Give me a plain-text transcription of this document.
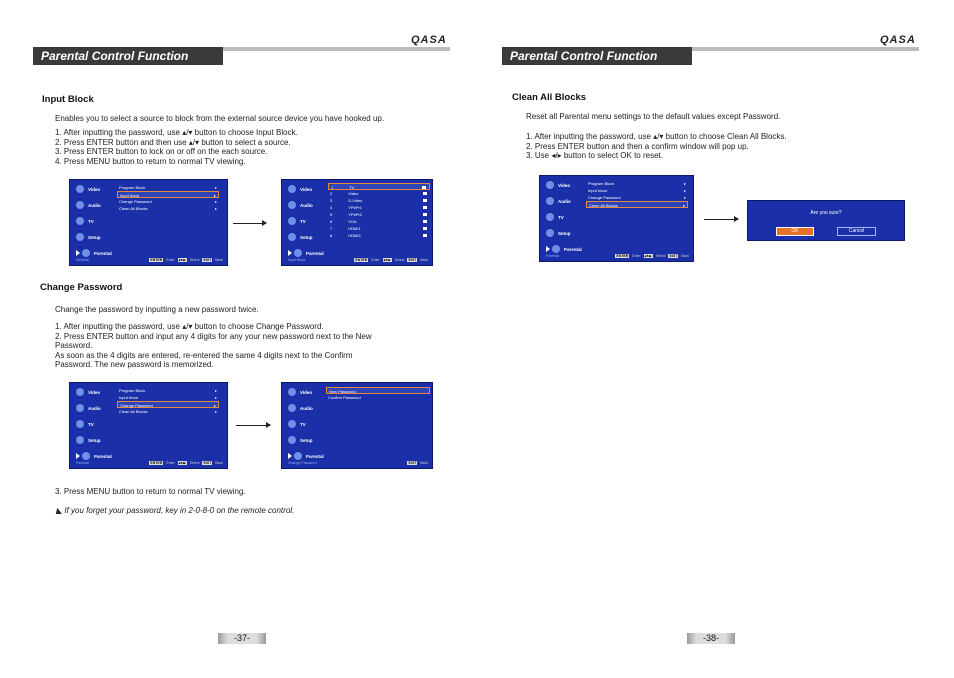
QASA
Parental Control Function
Input Block
Enables you to select a source to block from the external source device you have hooked up.
1. After inputting the password, use ▴/▾ button to choose Input Block.
2. Press ENTER button and then use ▴/▾ button to select a source.
3. Press ENTER button to lock on or off on the each source.
4. Press MENU button to return to normal TV viewing.
Video
Audio
TV
Setup
Parental
Program Block	▸
Input block	▸
Change Password	▸
Clean All Blocks	▸
Parental	ENTER Enter ▴▾◂▸ Select EXIT Back
Video
Audio
TV
Setup
Parental
1	TV
2	Video
3	S-Video
4	YPbPr1
5	YPbPr2
6	VGA
7	HDMI1
8	HDMI2
Input Block	ENTER Enter ▴▾◂▸ Select EXIT Back
Change Password
Change the password by inputting a new password twice.
1. After inputting the password, use ▴/▾ button to choose Change Password.
2. Press ENTER button and input any 4 digits for any your new password next to the New
Password.
As soon as the 4 digits are entered, re-entered the same 4 digits next to the Confirm
Password. The new password is memorized.
Video
Audio
TV
Setup
Parental
Program Block	▸
Input block	▸
Change Password	▸
Clean All Blocks	▸
Parental	ENTER Enter ▴▾◂▸ Select EXIT Back
Video
Audio
TV
Setup
Parental
New Password
Confirm Password
Change Password	EXIT Back
3. Press MENU button to return to normal TV viewing.
◣ If you forget your password, key in 2-0-8-0 on the remote control.
-37-
QASA
Parental Control Function
Clean All Blocks
Reset all Parental menu settings to the default values except Password.
1. After inputting the password, use ▴/▾ button to choose Clean All Blocks.
2. Press ENTER button and then a confirm window will pop up.
3. Use ◂/▸ button to select OK to reset.
Video
Audio
TV
Setup
Parental
Program Block	▸
Input block	▸
Change Password	▸
Clean All Blocks	▸
Parental	ENTER Enter ▴▾◂▸ Select EXIT Back
Are you sure?
OK	Cancel
-38-
